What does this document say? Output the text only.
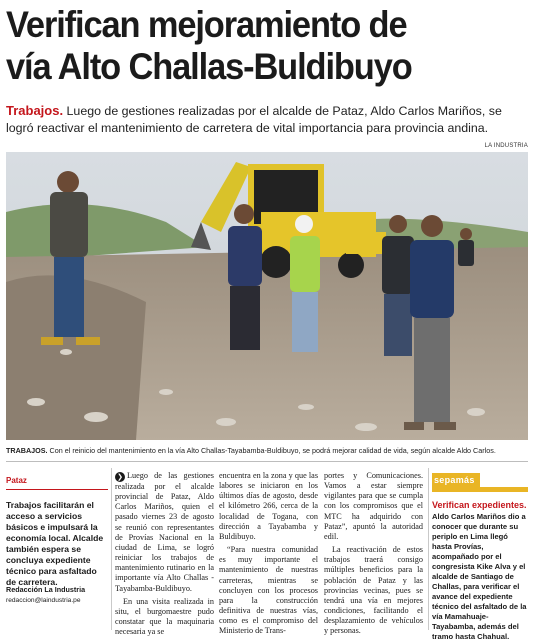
Verifican mejoramiento de
vía Alto Challas-Buldibuyo
Trabajos. Luego de gestiones realizadas por el alcalde de Pataz, Aldo Carlos Mariños, se logró reactivar el mantenimiento de carretera de vital importancia para provincia andina.
LA INDUSTRIA
TRABAJOS. Con el reinicio del mantenimiento en la vía Alto Challas-Tayabamba-Buldibuyo, se podrá mejorar calidad de vida, según alcalde Aldo Carlos.
Pataz
Trabajos facilitarán el acceso a servicios básicos e impulsará la economía local. Alcalde también espera se concluya expediente técnico para asfaltado de carretera.
Redacción La Industria
redaccion@laindustria.pe

❯ Luego de las gestiones realizada por el alcalde provincial de Pataz, Aldo Carlos Mariños, quien el pasado viernes 23 de agosto se reunió con representantes de Provías Nacional en la ciudad de Lima, se logró reiniciar los trabajos de mantenimiento rutinario en la importante vía Alto Challas -Tayabamba-Buldibuyo.

En una visita realizada in situ, el burgomaestre pudo constatar que la maquinaria necesaria ya se

encuentra en la zona y que las labores se iniciaron en los últimos días de agosto, desde el kilómetro 266, cerca de la localidad de Togana, con dirección a Tayabamba y Buldibuyo.

“Para nuestra comunidad es muy importante el mantenimiento de nuestras carreteras, mientras se concluyen con los procesos para la construcción definitiva de nuestras vías, como es el compromiso del Ministerio de Trans-

portes y Comunicaciones. Vamos a estar siempre vigilantes para que se cumpla con los compromisos que el MTC ha adquirido con Pataz”, apuntó la autoridad edil.

La reactivación de estos trabajos traerá consigo múltiples beneficios para la población de Pataz y las provincias vecinas, pues se tendrá una vía en mejores condiciones, facilitando el desplazamiento de vehículos y personas.

sepamás
Verifican expedientes.
Aldo Carlos Mariños dio a conocer que durante su periplo en Lima llegó hasta Provías, acompañado por el congresista Kike Alva y el alcalde de Santiago de Challas, para verificar el avance del expediente técnico del asfaltado de la vía Mamahuaje-Tayabamba, además del tramo hasta Chahual.
